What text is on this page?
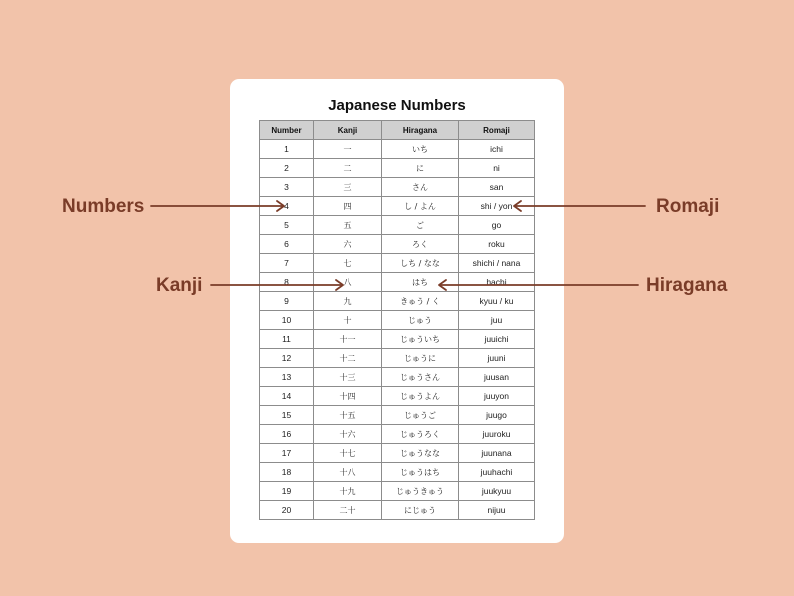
Japanese Numbers
Number	Kanji	Hiragana	Romaji
1	一	いち	ichi
2	二	に	ni
3	三	さん	san
4	四	し / よん	shi / yon
5	五	ご	go
6	六	ろく	roku
7	七	しち / なな	shichi / nana
8	八	はち	hachi
9	九	きゅう / く	kyuu / ku
10	十	じゅう	juu
11	十一	じゅういち	juuichi
12	十二	じゅうに	juuni
13	十三	じゅうさん	juusan
14	十四	じゅうよん	juuyon
15	十五	じゅうご	juugo
16	十六	じゅうろく	juuroku
17	十七	じゅうなな	juunana
18	十八	じゅうはち	juuhachi
19	十九	じゅうきゅう	juukyuu
20	二十	にじゅう	nijuu
Numbers	Romaji
Kanji	Hiragana
